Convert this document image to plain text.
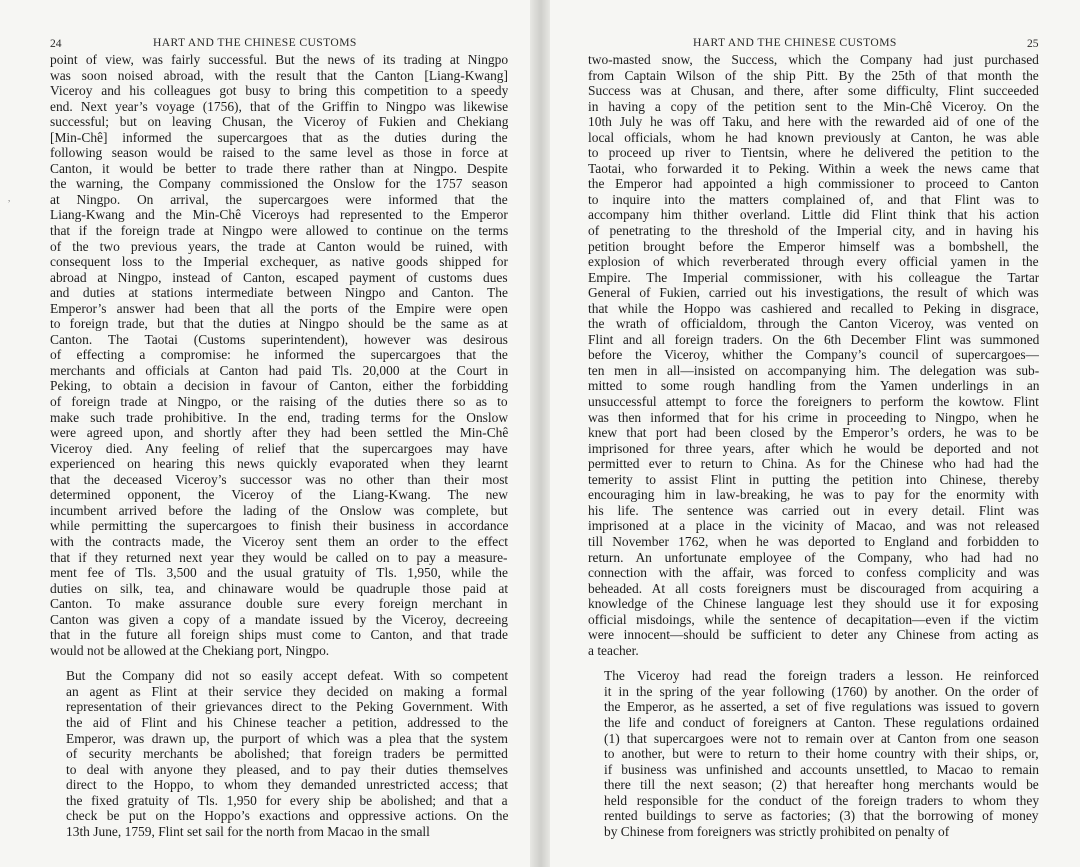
24	HART AND THE CHINESE CUSTOMS
,

point of view, was fairly successful. But the news of its trading at Ningpo
was soon noised abroad, with the result that the Canton [Liang-Kwang]
Viceroy and his colleagues got busy to bring this competition to a speedy
end. Next year’s voyage (1756), that of the Griffin to Ningpo was likewise
successful; but on leaving Chusan, the Viceroy of Fukien and Chekiang
[Min-Chê] informed the supercargoes that as the duties during the
following season would be raised to the same level as those in force at
Canton, it would be better to trade there rather than at Ningpo. Despite
the warning, the Company commissioned the Onslow for the 1757 season
at Ningpo. On arrival, the supercargoes were informed that the
Liang-Kwang and the Min-Chê Viceroys had represented to the Emperor
that if the foreign trade at Ningpo were allowed to continue on the terms
of the two previous years, the trade at Canton would be ruined, with
consequent loss to the Imperial exchequer, as native goods shipped for
abroad at Ningpo, instead of Canton, escaped payment of customs dues
and duties at stations intermediate between Ningpo and Canton. The
Emperor’s answer had been that all the ports of the Empire were open
to foreign trade, but that the duties at Ningpo should be the same as at
Canton. The Taotai (Customs superintendent), however was desirous
of effecting a compromise: he informed the supercargoes that the
merchants and officials at Canton had paid Tls. 20,000 at the Court in
Peking, to obtain a decision in favour of Canton, either the forbidding
of foreign trade at Ningpo, or the raising of the duties there so as to
make such trade prohibitive. In the end, trading terms for the Onslow
were agreed upon, and shortly after they had been settled the Min-Chê
Viceroy died. Any feeling of relief that the supercargoes may have
experienced on hearing this news quickly evaporated when they learnt
that the deceased Viceroy’s successor was no other than their most
determined opponent, the Viceroy of the Liang-Kwang. The new
incumbent arrived before the lading of the Onslow was complete, but
while permitting the supercargoes to finish their business in accordance
with the contracts made, the Viceroy sent them an order to the effect
that if they returned next year they would be called on to pay a measure-
ment fee of Tls. 3,500 and the usual gratuity of Tls. 1,950, while the
duties on silk, tea, and chinaware would be quadruple those paid at
Canton. To make assurance double sure every foreign merchant in
Canton was given a copy of a mandate issued by the Viceroy, decreeing
that in the future all foreign ships must come to Canton, and that trade
would not be allowed at the Chekiang port, Ningpo.

But the Company did not so easily accept defeat. With so competent
an agent as Flint at their service they decided on making a formal
representation of their grievances direct to the Peking Government. With
the aid of Flint and his Chinese teacher a petition, addressed to the
Emperor, was drawn up, the purport of which was a plea that the system
of security merchants be abolished; that foreign traders be permitted
to deal with anyone they pleased, and to pay their duties themselves
direct to the Hoppo, to whom they demanded unrestricted access; that
the fixed gratuity of Tls. 1,950 for every ship be abolished; and that a
check be put on the Hoppo’s exactions and oppressive actions. On the
13th June, 1759, Flint set sail for the north from Macao in the small

HART AND THE CHINESE CUSTOMS	25

two-masted snow, the Success, which the Company had just purchased
from Captain Wilson of the ship Pitt. By the 25th of that month the
Success was at Chusan, and there, after some difficulty, Flint succeeded
in having a copy of the petition sent to the Min-Chê Viceroy. On the
10th July he was off Taku, and here with the rewarded aid of one of the
local officials, whom he had known previously at Canton, he was able
to proceed up river to Tientsin, where he delivered the petition to the
Taotai, who forwarded it to Peking. Within a week the news came that
the Emperor had appointed a high commissioner to proceed to Canton
to inquire into the matters complained of, and that Flint was to
accompany him thither overland. Little did Flint think that his action
of penetrating to the threshold of the Imperial city, and in having his
petition brought before the Emperor himself was a bombshell, the
explosion of which reverberated through every official yamen in the
Empire. The Imperial commissioner, with his colleague the Tartar
General of Fukien, carried out his investigations, the result of which was
that while the Hoppo was cashiered and recalled to Peking in disgrace,
the wrath of officialdom, through the Canton Viceroy, was vented on
Flint and all foreign traders. On the 6th December Flint was summoned
before the Viceroy, whither the Company’s council of supercargoes—
ten men in all—insisted on accompanying him. The delegation was sub-
mitted to some rough handling from the Yamen underlings in an
unsuccessful attempt to force the foreigners to perform the kowtow. Flint
was then informed that for his crime in proceeding to Ningpo, when he
knew that port had been closed by the Emperor’s orders, he was to be
imprisoned for three years, after which he would be deported and not
permitted ever to return to China. As for the Chinese who had had the
temerity to assist Flint in putting the petition into Chinese, thereby
encouraging him in law-breaking, he was to pay for the enormity with
his life. The sentence was carried out in every detail. Flint was
imprisoned at a place in the vicinity of Macao, and was not released
till November 1762, when he was deported to England and forbidden to
return. An unfortunate employee of the Company, who had had no
connection with the affair, was forced to confess complicity and was
beheaded. At all costs foreigners must be discouraged from acquiring a
knowledge of the Chinese language lest they should use it for exposing
official misdoings, while the sentence of decapitation—even if the victim
were innocent—should be sufficient to deter any Chinese from acting as
a teacher.

The Viceroy had read the foreign traders a lesson. He reinforced
it in the spring of the year following (1760) by another. On the order of
the Emperor, as he asserted, a set of five regulations was issued to govern
the life and conduct of foreigners at Canton. These regulations ordained
(1) that supercargoes were not to remain over at Canton from one season
to another, but were to return to their home country with their ships, or,
if business was unfinished and accounts unsettled, to Macao to remain
there till the next season; (2) that hereafter hong merchants would be
held responsible for the conduct of the foreign traders to whom they
rented buildings to serve as factories; (3) that the borrowing of money
by Chinese from foreigners was strictly prohibited on penalty of
